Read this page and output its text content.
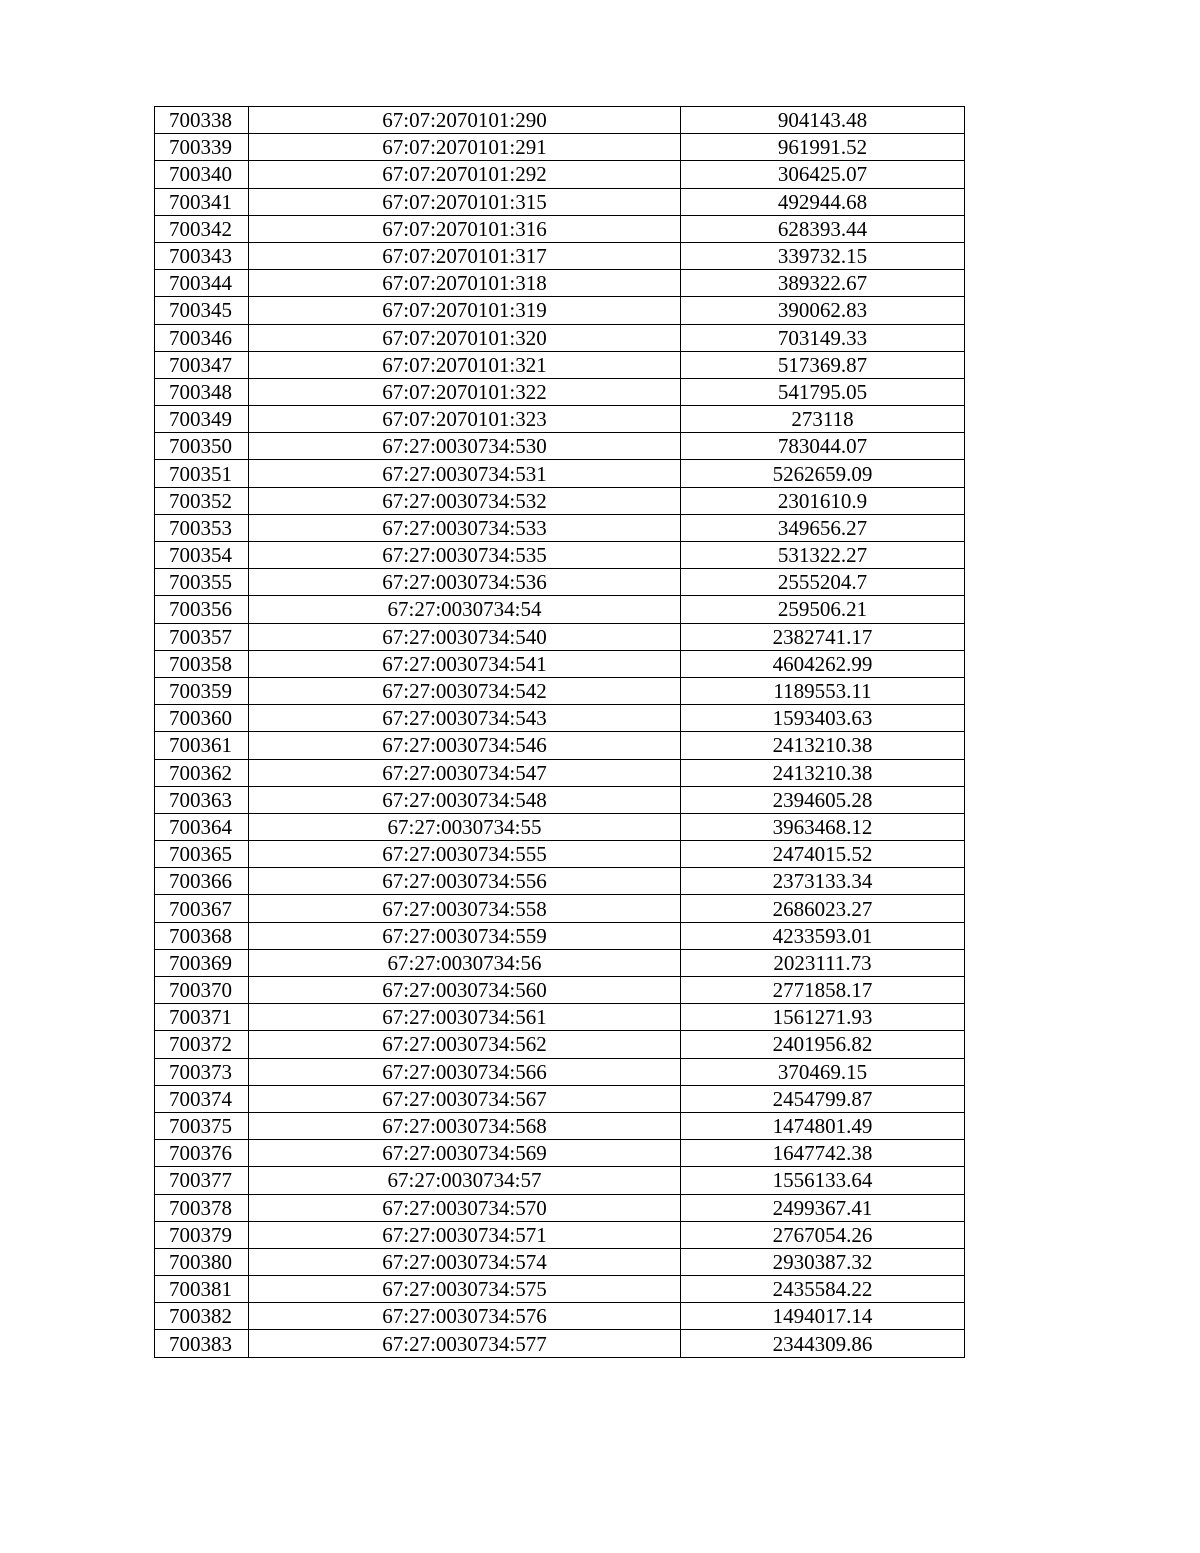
700338	67:07:2070101:290	904143.48
700339	67:07:2070101:291	961991.52
700340	67:07:2070101:292	306425.07
700341	67:07:2070101:315	492944.68
700342	67:07:2070101:316	628393.44
700343	67:07:2070101:317	339732.15
700344	67:07:2070101:318	389322.67
700345	67:07:2070101:319	390062.83
700346	67:07:2070101:320	703149.33
700347	67:07:2070101:321	517369.87
700348	67:07:2070101:322	541795.05
700349	67:07:2070101:323	273118
700350	67:27:0030734:530	783044.07
700351	67:27:0030734:531	5262659.09
700352	67:27:0030734:532	2301610.9
700353	67:27:0030734:533	349656.27
700354	67:27:0030734:535	531322.27
700355	67:27:0030734:536	2555204.7
700356	67:27:0030734:54	259506.21
700357	67:27:0030734:540	2382741.17
700358	67:27:0030734:541	4604262.99
700359	67:27:0030734:542	1189553.11
700360	67:27:0030734:543	1593403.63
700361	67:27:0030734:546	2413210.38
700362	67:27:0030734:547	2413210.38
700363	67:27:0030734:548	2394605.28
700364	67:27:0030734:55	3963468.12
700365	67:27:0030734:555	2474015.52
700366	67:27:0030734:556	2373133.34
700367	67:27:0030734:558	2686023.27
700368	67:27:0030734:559	4233593.01
700369	67:27:0030734:56	2023111.73
700370	67:27:0030734:560	2771858.17
700371	67:27:0030734:561	1561271.93
700372	67:27:0030734:562	2401956.82
700373	67:27:0030734:566	370469.15
700374	67:27:0030734:567	2454799.87
700375	67:27:0030734:568	1474801.49
700376	67:27:0030734:569	1647742.38
700377	67:27:0030734:57	1556133.64
700378	67:27:0030734:570	2499367.41
700379	67:27:0030734:571	2767054.26
700380	67:27:0030734:574	2930387.32
700381	67:27:0030734:575	2435584.22
700382	67:27:0030734:576	1494017.14
700383	67:27:0030734:577	2344309.86
